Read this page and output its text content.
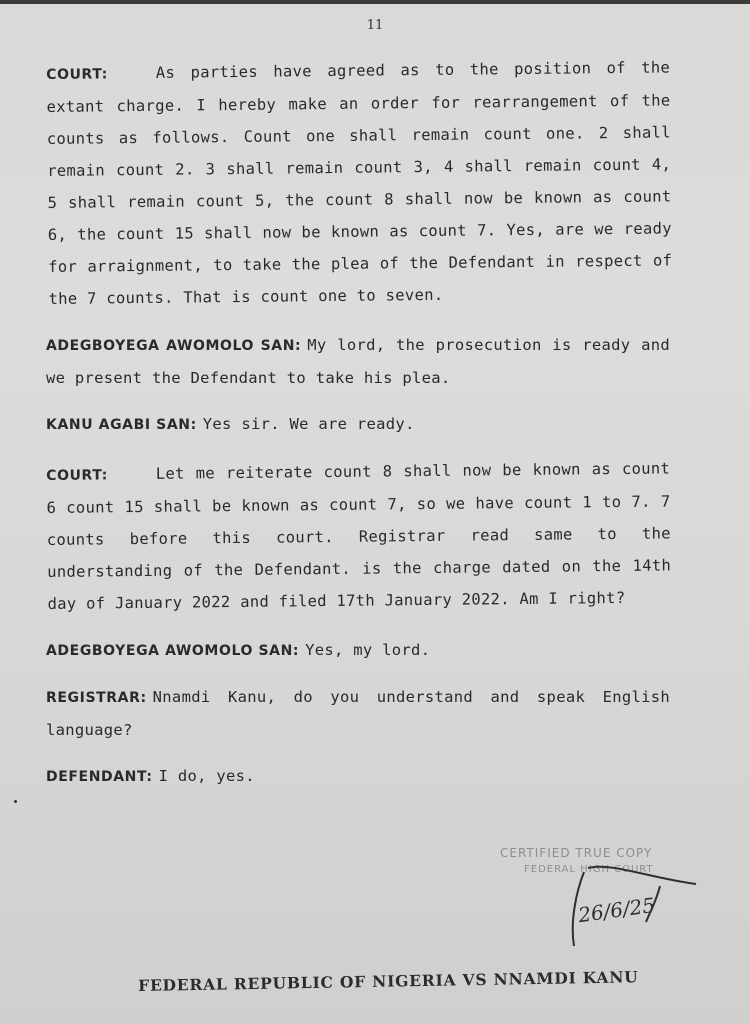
11

COURT:	As parties have agreed as to the position of the extant charge. I hereby make an order for rearrangement of the counts as follows. Count one shall remain count one. 2 shall remain count 2. 3 shall remain count 3, 4 shall remain count 4, 5 shall remain count 5, the count 8 shall now be known as count 6, the count 15 shall now be known as count 7. Yes, are we ready for arraignment, to take the plea of the Defendant in respect of the 7 counts. That is count one to seven.

ADEGBOYEGA AWOMOLO SAN: My lord, the prosecution is ready and we present the Defendant to take his plea.

KANU AGABI SAN: Yes sir. We are ready.

COURT:	Let me reiterate count 8 shall now be known as count 6 count 15 shall be known as count 7, so we have count 1 to 7. 7 counts before this court. Registrar read same to the understanding of the Defendant. is the charge dated on the 14th day of January 2022 and filed 17th January 2022. Am I right?

ADEGBOYEGA AWOMOLO SAN: Yes, my lord.

REGISTRAR: Nnamdi Kanu, do you understand and speak English language?

DEFENDANT: I do, yes.

CERTIFIED TRUE COPY
FEDERAL HIGH COURT
26/6/25
FEDERAL REPUBLIC OF NIGERIA VS NNAMDI KANU
